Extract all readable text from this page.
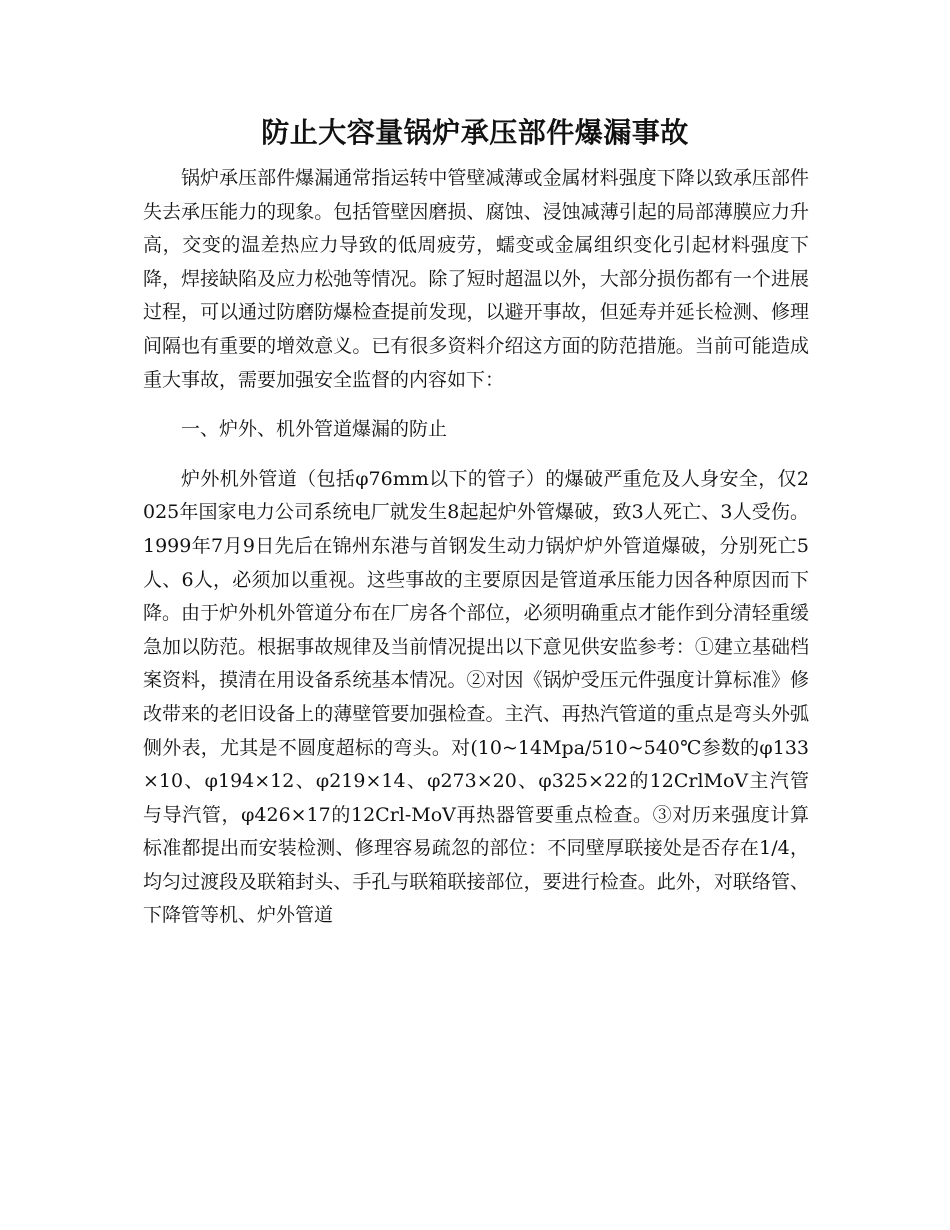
防止大容量锅炉承压部件爆漏事故

锅炉承压部件爆漏通常指运转中管壁减薄或金属材料强度下降以致承压部件失去承压能力的现象。包括管壁因磨损、腐蚀、浸蚀减薄引起的局部薄膜应力升高，交变的温差热应力导致的低周疲劳，蠕变或金属组织变化引起材料强度下降，焊接缺陷及应力松弛等情况。除了短时超温以外，大部分损伤都有一个进展过程，可以通过防磨防爆检查提前发现，以避开事故，但延寿并延长检测、修理间隔也有重要的增效意义。已有很多资料介绍这方面的防范措施。当前可能造成重大事故，需要加强安全监督的内容如下：

一、炉外、机外管道爆漏的防止

炉外机外管道（包括φ76mm以下的管子）的爆破严重危及人身安全，仅2025年国家电力公司系统电厂就发生8起起炉外管爆破，致3人死亡、3人受伤。1999年7月9日先后在锦州东港与首钢发生动力锅炉炉外管道爆破，分别死亡5人、6人，必须加以重视。这些事故的主要原因是管道承压能力因各种原因而下降。由于炉外机外管道分布在厂房各个部位，必须明确重点才能作到分清轻重缓急加以防范。根据事故规律及当前情况提出以下意见供安监参考：①建立基础档案资料，摸清在用设备系统基本情况。②对因《锅炉受压元件强度计算标准》修改带来的老旧设备上的薄壁管要加强检查。主汽、再热汽管道的重点是弯头外弧侧外表，尤其是不圆度超标的弯头。对(10~14Mpa/510~540℃参数的φ133×10、φ194×12、φ219×14、φ273×20、φ325×22的12CrlMoV主汽管与导汽管，φ426×17的12Crl-MoV再热器管要重点检查。③对历来强度计算标准都提出而安装检测、修理容易疏忽的部位：不同壁厚联接处是否存在1/4，均匀过渡段及联箱封头、手孔与联箱联接部位，要进行检查。此外，对联络管、下降管等机、炉外管道
